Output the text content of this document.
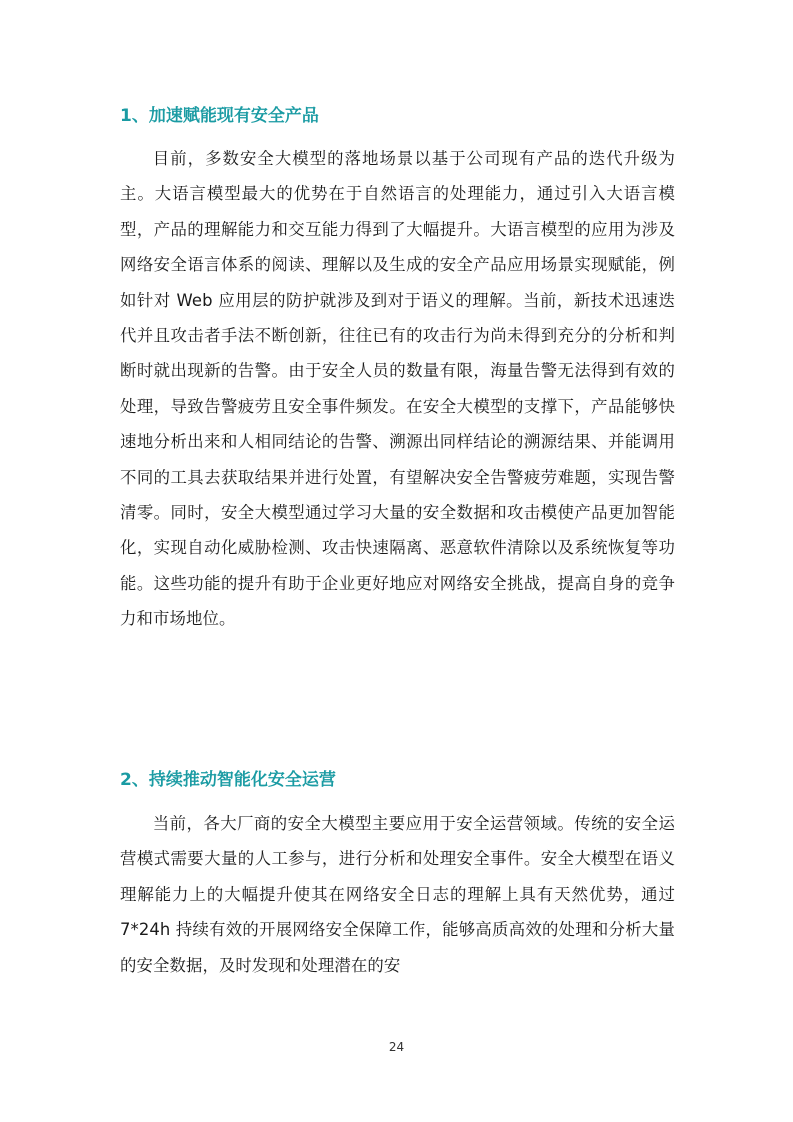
1、加速赋能现有安全产品

目前，多数安全大模型的落地场景以基于公司现有产品的迭代升级为主。大语言模型最大的优势在于自然语言的处理能力，通过引入大语言模型，产品的理解能力和交互能力得到了大幅提升。大语言模型的应用为涉及网络安全语言体系的阅读、理解以及生成的安全产品应用场景实现赋能，例如针对 Web 应用层的防护就涉及到对于语义的理解。当前，新技术迅速迭代并且攻击者手法不断创新，往往已有的攻击行为尚未得到充分的分析和判断时就出现新的告警。由于安全人员的数量有限，海量告警无法得到有效的处理，导致告警疲劳且安全事件频发。在安全大模型的支撑下，产品能够快速地分析出来和人相同结论的告警、溯源出同样结论的溯源结果、并能调用不同的工具去获取结果并进行处置，有望解决安全告警疲劳难题，实现告警清零。同时，安全大模型通过学习大量的安全数据和攻击模使产品更加智能化，实现自动化威胁检测、攻击快速隔离、恶意软件清除以及系统恢复等功能。这些功能的提升有助于企业更好地应对网络安全挑战，提高自身的竞争力和市场地位。

2、持续推动智能化安全运营

当前，各大厂商的安全大模型主要应用于安全运营领域。传统的安全运营模式需要大量的人工参与，进行分析和处理安全事件。安全大模型在语义理解能力上的大幅提升使其在网络安全日志的理解上具有天然优势，通过 7*24h 持续有效的开展网络安全保障工作，能够高质高效的处理和分析大量的安全数据，及时发现和处理潜在的安

24
